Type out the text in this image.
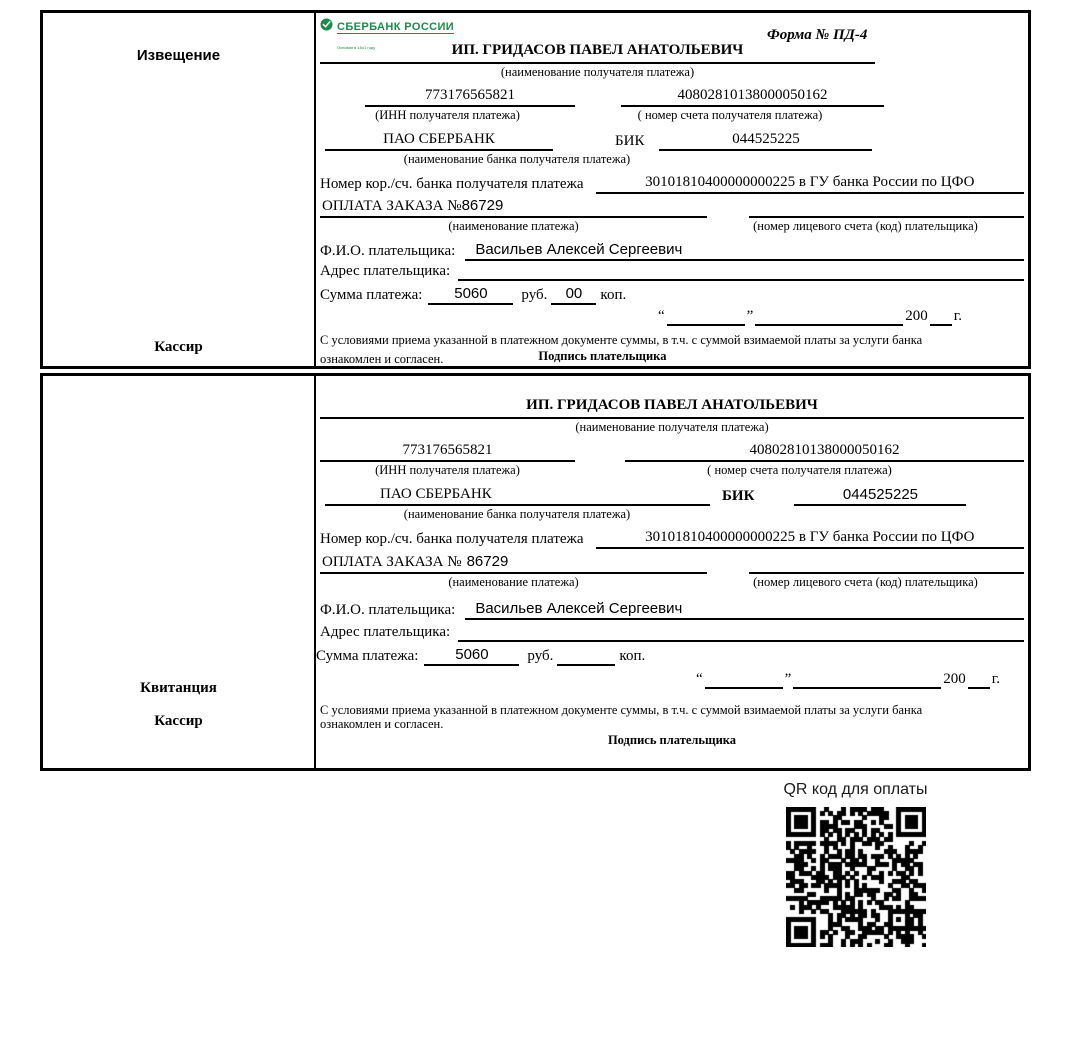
Извещение
Кассир
СБЕРБАНК РОССИИ
Основан в 1841 году
Форма № ПД-4
ИП. ГРИДАСОВ ПАВЕЛ АНАТОЛЬЕВИЧ
(наименование получателя платежа)
773176565821	40802810138000050162
(ИНН получателя платежа)	( номер счета получателя платежа)
ПАО СБЕРБАНК	БИК	044525225
(наименование банка получателя платежа)
Номер кор./сч. банка получателя платежа	30101810400000000225 в ГУ банка России по ЦФО
ОПЛАТА ЗАКАЗА №86729
(наименование платежа)	(номер лицевого счета (код) плательщика)
Ф.И.О. плательщика:	Васильев Алексей Сергеевич
Адрес плательщика:
Сумма платежа:	5060	руб.	00	коп.
“	”	200 г.
С условиями приема указанной в платежном документе суммы, в т.ч. с суммой взимаемой платы за услуги банка
ознакомлен и согласен.	Подпись плательщика
Квитанция
Кассир
ИП. ГРИДАСОВ ПАВЕЛ АНАТОЛЬЕВИЧ
(наименование получателя платежа)
773176565821	40802810138000050162
(ИНН получателя платежа)	( номер счета получателя платежа)
ПАО СБЕРБАНК	БИК	044525225
(наименование банка получателя платежа)
Номер кор./сч. банка получателя платежа	30101810400000000225 в ГУ банка России по ЦФО
ОПЛАТА ЗАКАЗА № 86729
(наименование платежа)	(номер лицевого счета (код) плательщика)
Ф.И.О. плательщика:	Васильев Алексей Сергеевич
Адрес плательщика:
Сумма платежа:	5060	руб.	коп.
“	”	200 г.
С условиями приема указанной в платежном документе суммы, в т.ч. с суммой взимаемой платы за услуги банка
ознакомлен и согласен.
Подпись плательщика
QR код для оплаты
